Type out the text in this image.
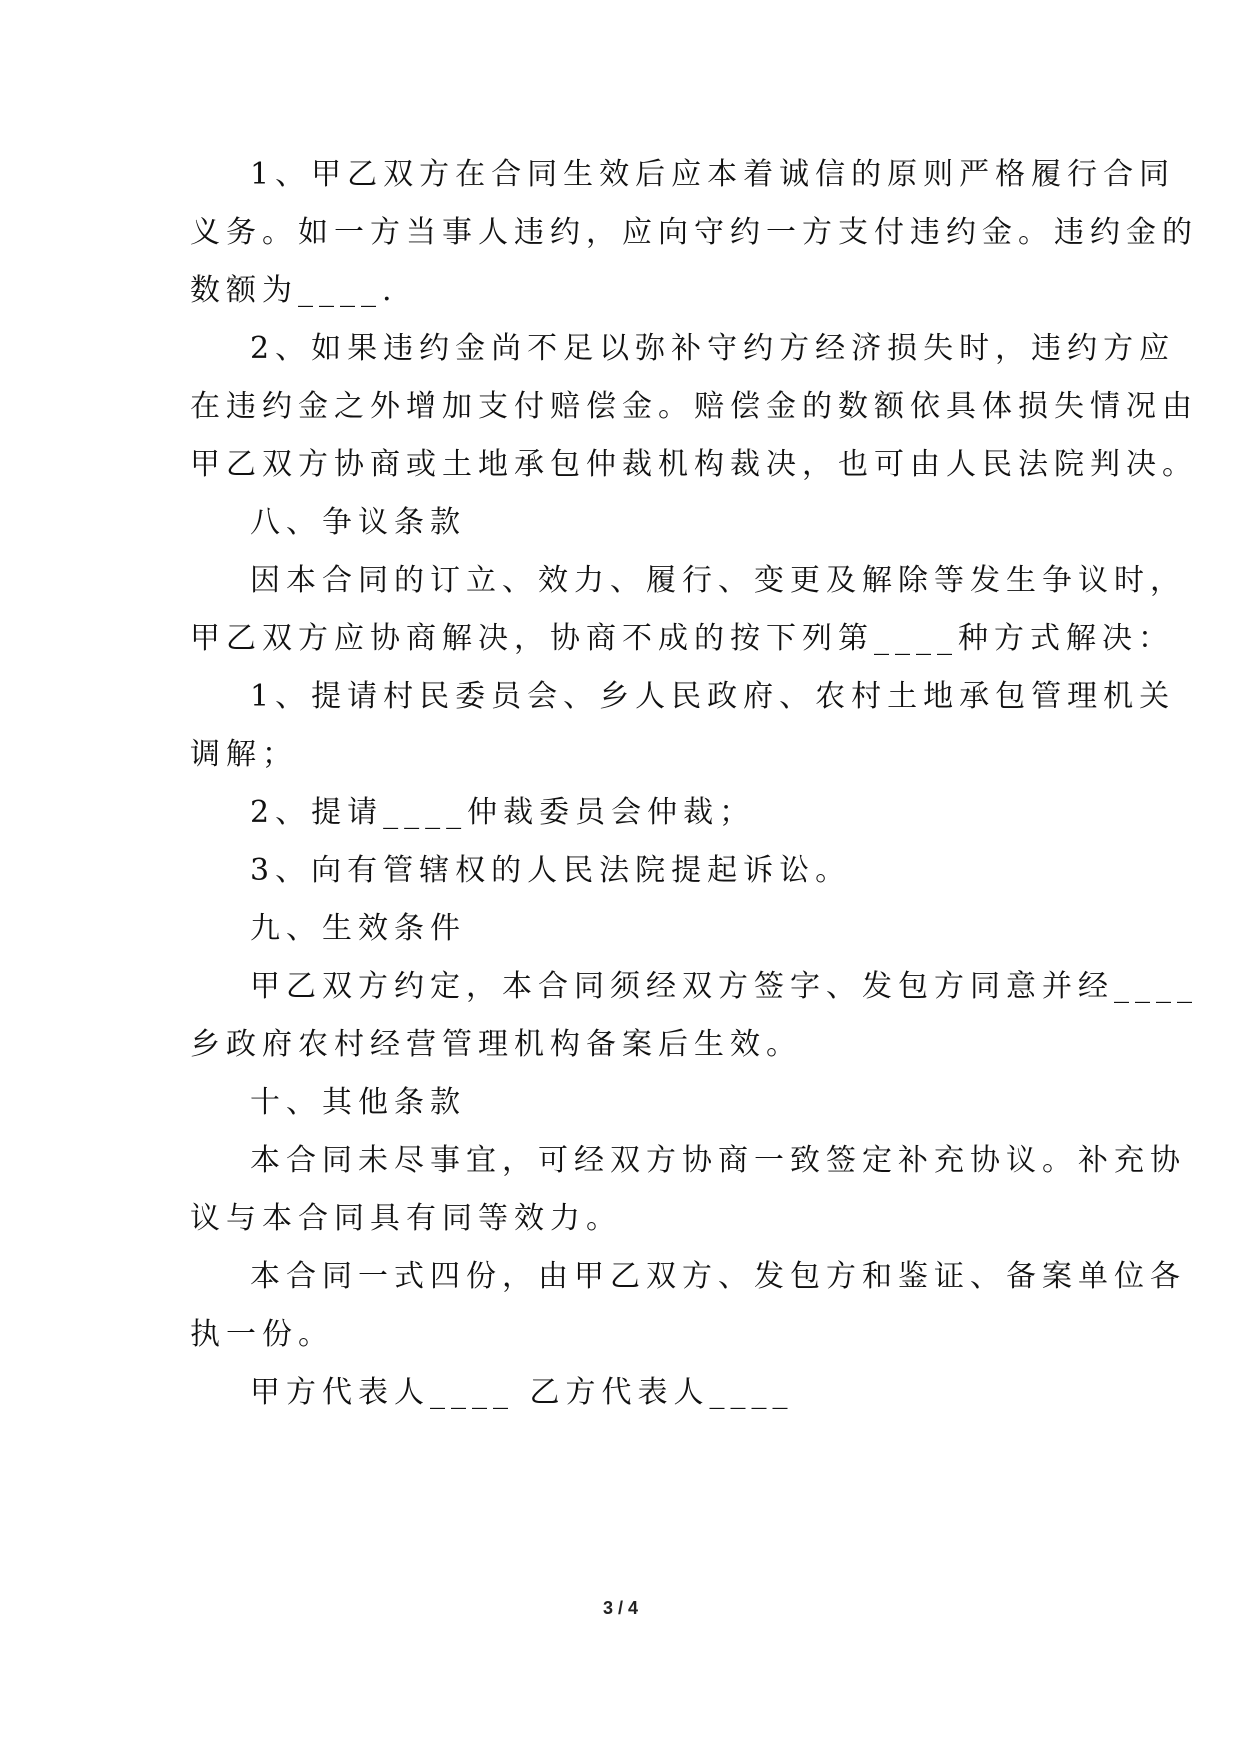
1、甲乙双方在合同生效后应本着诚信的原则严格履行合同
义务。如一方当事人违约，应向守约一方支付违约金。违约金的
数额为____.
2、如果违约金尚不足以弥补守约方经济损失时，违约方应
在违约金之外增加支付赔偿金。赔偿金的数额依具体损失情况由
甲乙双方协商或土地承包仲裁机构裁决，也可由人民法院判决。
八、争议条款
因本合同的订立、效力、履行、变更及解除等发生争议时，
甲乙双方应协商解决，协商不成的按下列第____种方式解决：
1、提请村民委员会、乡人民政府、农村土地承包管理机关
调解；
2、提请____仲裁委员会仲裁；
3、向有管辖权的人民法院提起诉讼。
九、生效条件
甲乙双方约定，本合同须经双方签字、发包方同意并经____
乡政府农村经营管理机构备案后生效。
十、其他条款
本合同未尽事宜，可经双方协商一致签定补充协议。补充协
议与本合同具有同等效力。
本合同一式四份，由甲乙双方、发包方和鉴证、备案单位各
执一份。
甲方代表人____ 乙方代表人____
3 / 4
